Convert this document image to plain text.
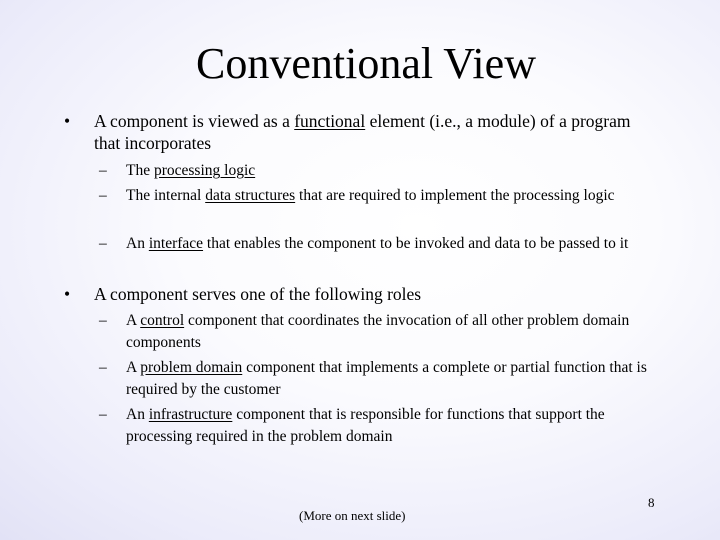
Conventional View
• A component is viewed as a functional element (i.e., a module) of a program that incorporates
– The processing logic
– The internal data structures that are required to implement the processing logic
– An interface that enables the component to be invoked and data to be passed to it
• A component serves one of the following roles
– A control component that coordinates the invocation of all other problem domain components
– A problem domain component that implements a complete or partial function that is required by the customer
– An infrastructure component that is responsible for functions that support the processing required in the problem domain
(More on next slide)
8
